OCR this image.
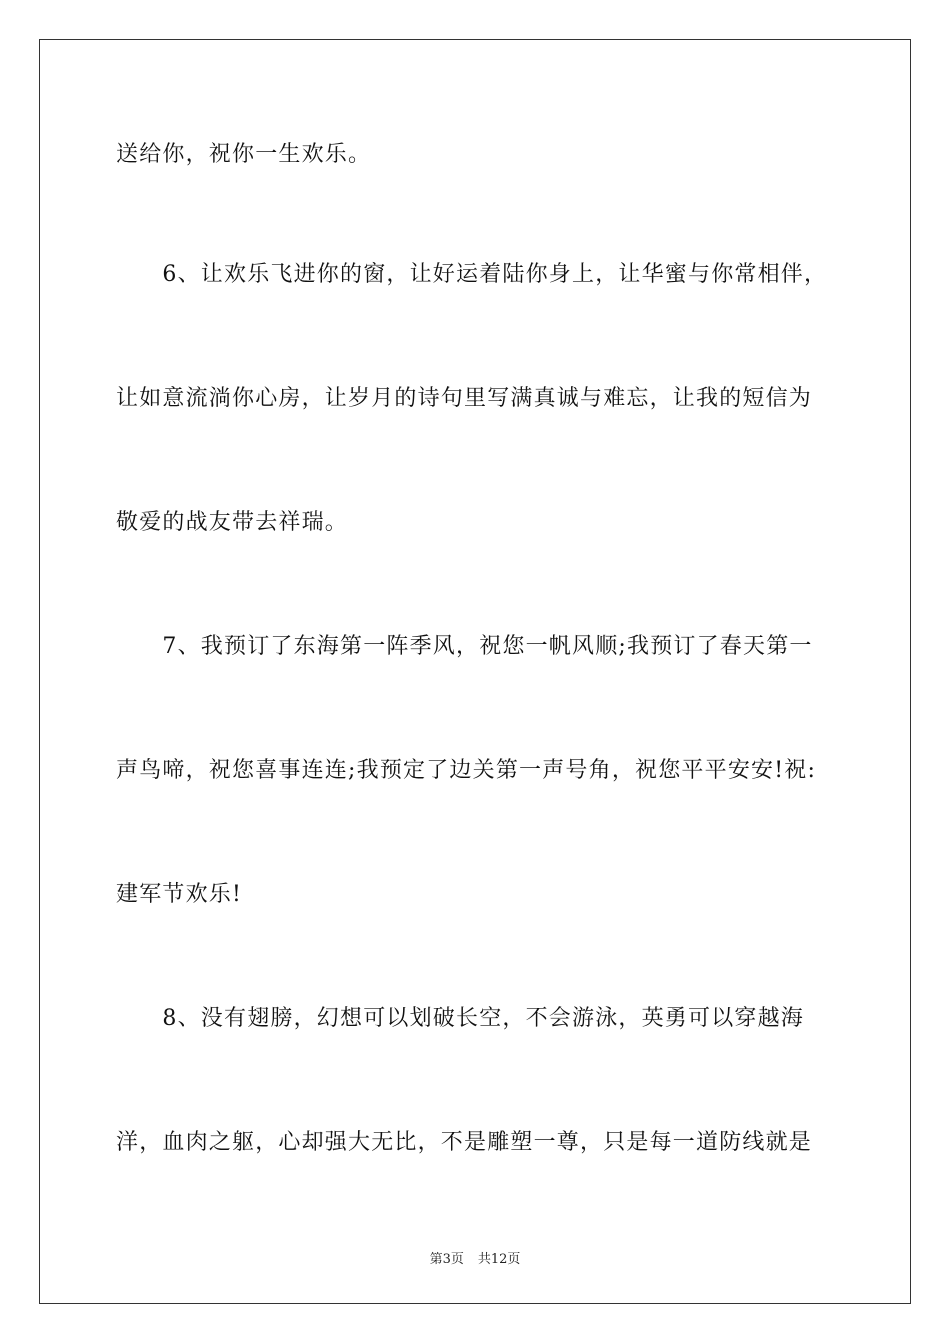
送给你，祝你一生欢乐。
　　6、让欢乐飞进你的窗，让好运着陆你身上，让华蜜与你常相伴，
让如意流淌你心房，让岁月的诗句里写满真诚与难忘，让我的短信为
敬爱的战友带去祥瑞。
　　7、我预订了东海第一阵季风，祝您一帆风顺;我预订了春天第一
声鸟啼，祝您喜事连连;我预定了边关第一声号角，祝您平平安安!祝:
建军节欢乐!
　　8、没有翅膀，幻想可以划破长空，不会游泳，英勇可以穿越海
洋，血肉之躯，心却强大无比，不是雕塑一尊，只是每一道防线就是
第3页 共12页
